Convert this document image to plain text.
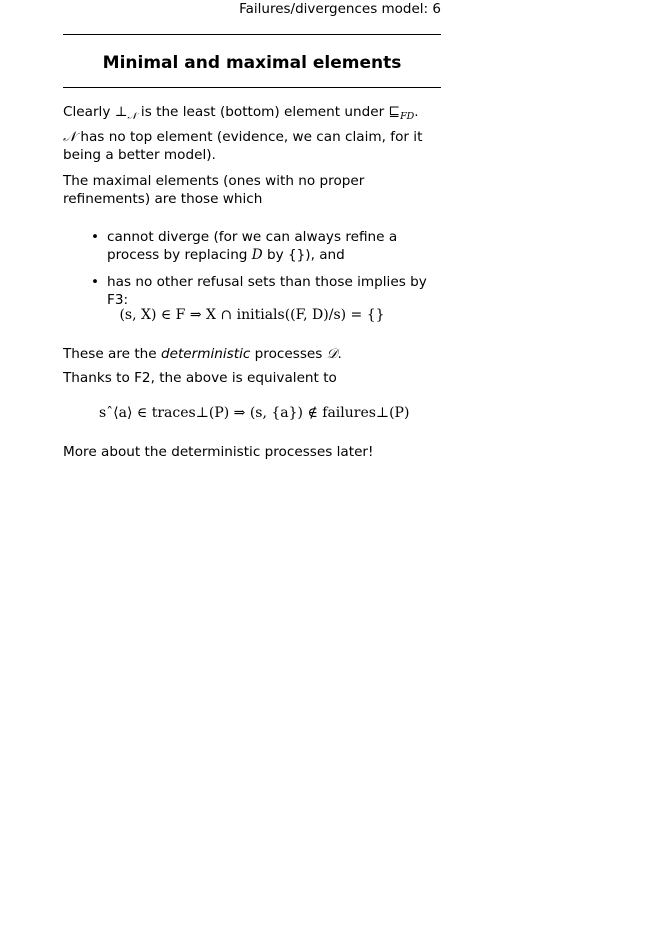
Failures/divergences model: 6
Minimal and maximal elements
Clearly $\perp_𝒩$ is the least (bottom) element under $⊑_{FD}$.
𝒩 has no top element (evidence, we can claim, for it being a better model).
The maximal elements (ones with no proper refinements) are those which
• cannot diverge (for we can always refine a process by replacing D by {}), and
• has no other refusal sets than those implies by F3:
(s, X) ∈ F ⇒ X ∩ initials((F, D)/s) = {}
These are the deterministic processes 𝒟.
Thanks to F2, the above is equivalent to
sˆ⟨a⟩ ∈ traces⊥(P) ⇒ (s, {a}) ∉ failures⊥(P)
More about the deterministic processes later!
